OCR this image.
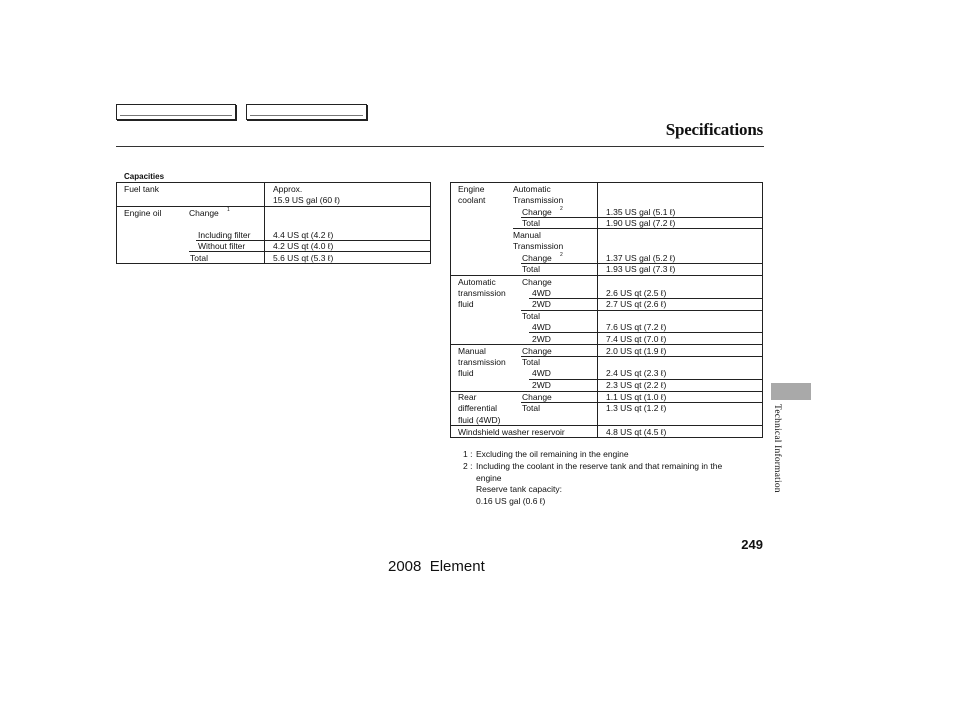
Specifications
Capacities
Fuel tank	Approx.
15.9 US gal (60 ℓ)
Engine oil	Change 1
Including filter	4.4 US qt (4.2 ℓ)
Without filter	4.2 US qt (4.0 ℓ)
Total	5.6 US qt (5.3 ℓ)
Engine
coolant
Automatic
Transmission
Change 2	1.35 US gal (5.1 ℓ)
Total	1.90 US gal (7.2 ℓ)
Manual
Transmission
Change 2	1.37 US gal (5.2 ℓ)
Total	1.93 US gal (7.3 ℓ)
Automatic
transmission
fluid
Change
4WD	2.6 US qt (2.5 ℓ)
2WD	2.7 US qt (2.6 ℓ)
Total
4WD	7.6 US qt (7.2 ℓ)
2WD	7.4 US qt (7.0 ℓ)
Manual
transmission
fluid
Change	2.0 US qt (1.9 ℓ)
Total
4WD	2.4 US qt (2.3 ℓ)
2WD	2.3 US qt (2.2 ℓ)
Rear
differential
fluid (4WD)
Change	1.1 US qt (1.0 ℓ)
Total	1.3 US qt (1.2 ℓ)
Windshield washer reservoir	4.8 US qt (4.5 ℓ)
1 : Excluding the oil remaining in the engine
2 : Including the coolant in the reserve tank and that remaining in the
engine
Reserve tank capacity:
0.16 US gal (0.6 ℓ)
Technical Information
249
2008  Element
